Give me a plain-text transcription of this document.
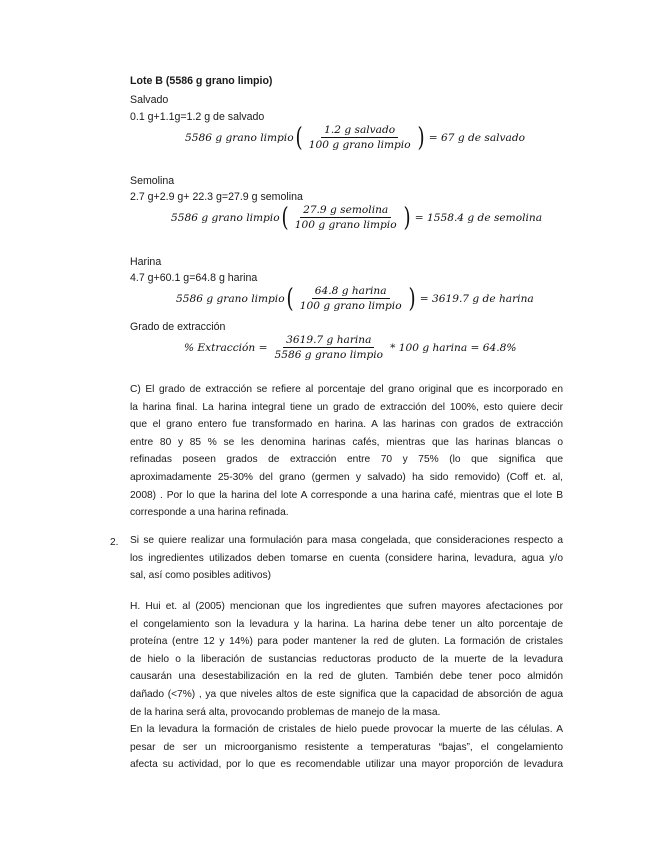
Lote B (5586 g grano limpio)
Salvado
0.1 g+1.1g=1.2 g de salvado
5586 g grano limpio ( $\frac{\text{1.2 g salvado}}{\text{100 g grano limpio}}$ ) = 67 g de salvado
Semolina
2.7 g+2.9 g+ 22.3 g=27.9 g semolina
5586 g grano limpio ( $\frac{\text{27.9 g semolina}}{\text{100 g grano limpio}}$ ) = 1558.4 g de semolina
Harina
4.7 g+60.1 g=64.8 g harina
5586 g grano limpio ( $\frac{\text{64.8 g harina}}{\text{100 g grano limpio}}$ ) = 3619.7 g de harina
Grado de extracción
% Extracción = $\frac{\text{3619.7 g harina}}{\text{5586 g grano limpio}} * 100$ g harina = 64.8%
C) El grado de extracción se refiere al porcentaje del grano original que es incorporado en
la harina final. La harina integral tiene un grado de extracción del 100%, esto quiere decir
que el grano entero fue transformado en harina. A las harinas con grados de extracción
entre 80 y 85 % se les denomina harinas cafés, mientras que las harinas blancas o
refinadas poseen grados de extracción entre 70 y 75% (lo que significa que
aproximadamente 25-30% del grano (germen y salvado) ha sido removido) (Coff et. al,
2008) . Por lo que la harina del lote A corresponde a una harina café, mientras que el lote B
corresponde a una harina refinada.
2. Si se quiere realizar una formulación para masa congelada, que consideraciones respecto a
los ingredientes utilizados deben tomarse en cuenta (considere harina, levadura, agua y/o
sal, así como posibles aditivos)
H. Hui et. al (2005) mencionan que los ingredientes que sufren mayores afectaciones por
el congelamiento son la levadura y la harina. La harina debe tener un alto porcentaje de
proteína (entre 12 y 14%) para poder mantener la red de gluten. La formación de cristales
de hielo o la liberación de sustancias reductoras producto de la muerte de la levadura
causarán una desestabilización en la red de gluten. También debe tener poco almidón
dañado (<7%) , ya que niveles altos de este significa que la capacidad de absorción de agua
de la harina será alta, provocando problemas de manejo de la masa.
En la levadura la formación de cristales de hielo puede provocar la muerte de las células. A
pesar de ser un microorganismo resistente a temperaturas “bajas”, el congelamiento
afecta su actividad, por lo que es recomendable utilizar una mayor proporción de levadura
